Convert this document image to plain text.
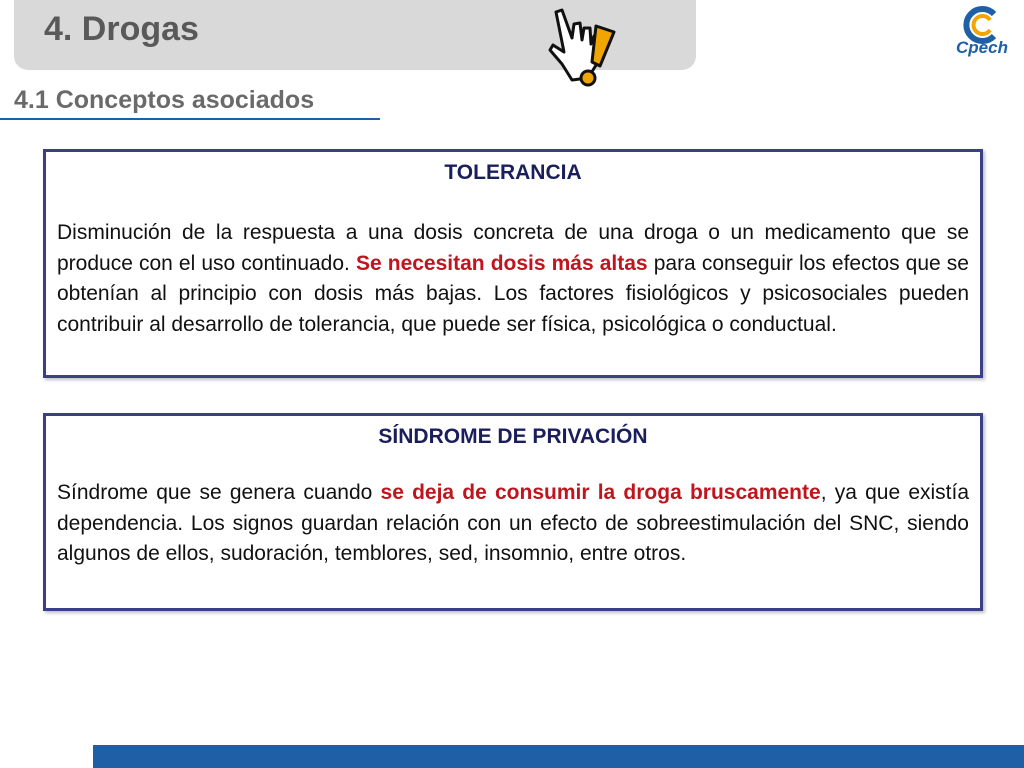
4. Drogas	Cpech
4.1 Conceptos asociados
TOLERANCIA
Disminución de la respuesta a una dosis concreta de una droga o un medicamento que se produce con el uso continuado. Se necesitan dosis más altas para conseguir los efectos que se obtenían al principio con dosis más bajas. Los factores fisiológicos y psicosociales pueden contribuir al desarrollo de tolerancia, que puede ser física, psicológica o conductual.
SÍNDROME DE PRIVACIÓN
Síndrome que se genera cuando se deja de consumir la droga bruscamente, ya que existía dependencia. Los signos guardan relación con un efecto de sobreestimulación del SNC, siendo algunos de ellos, sudoración, temblores, sed, insomnio, entre otros.
